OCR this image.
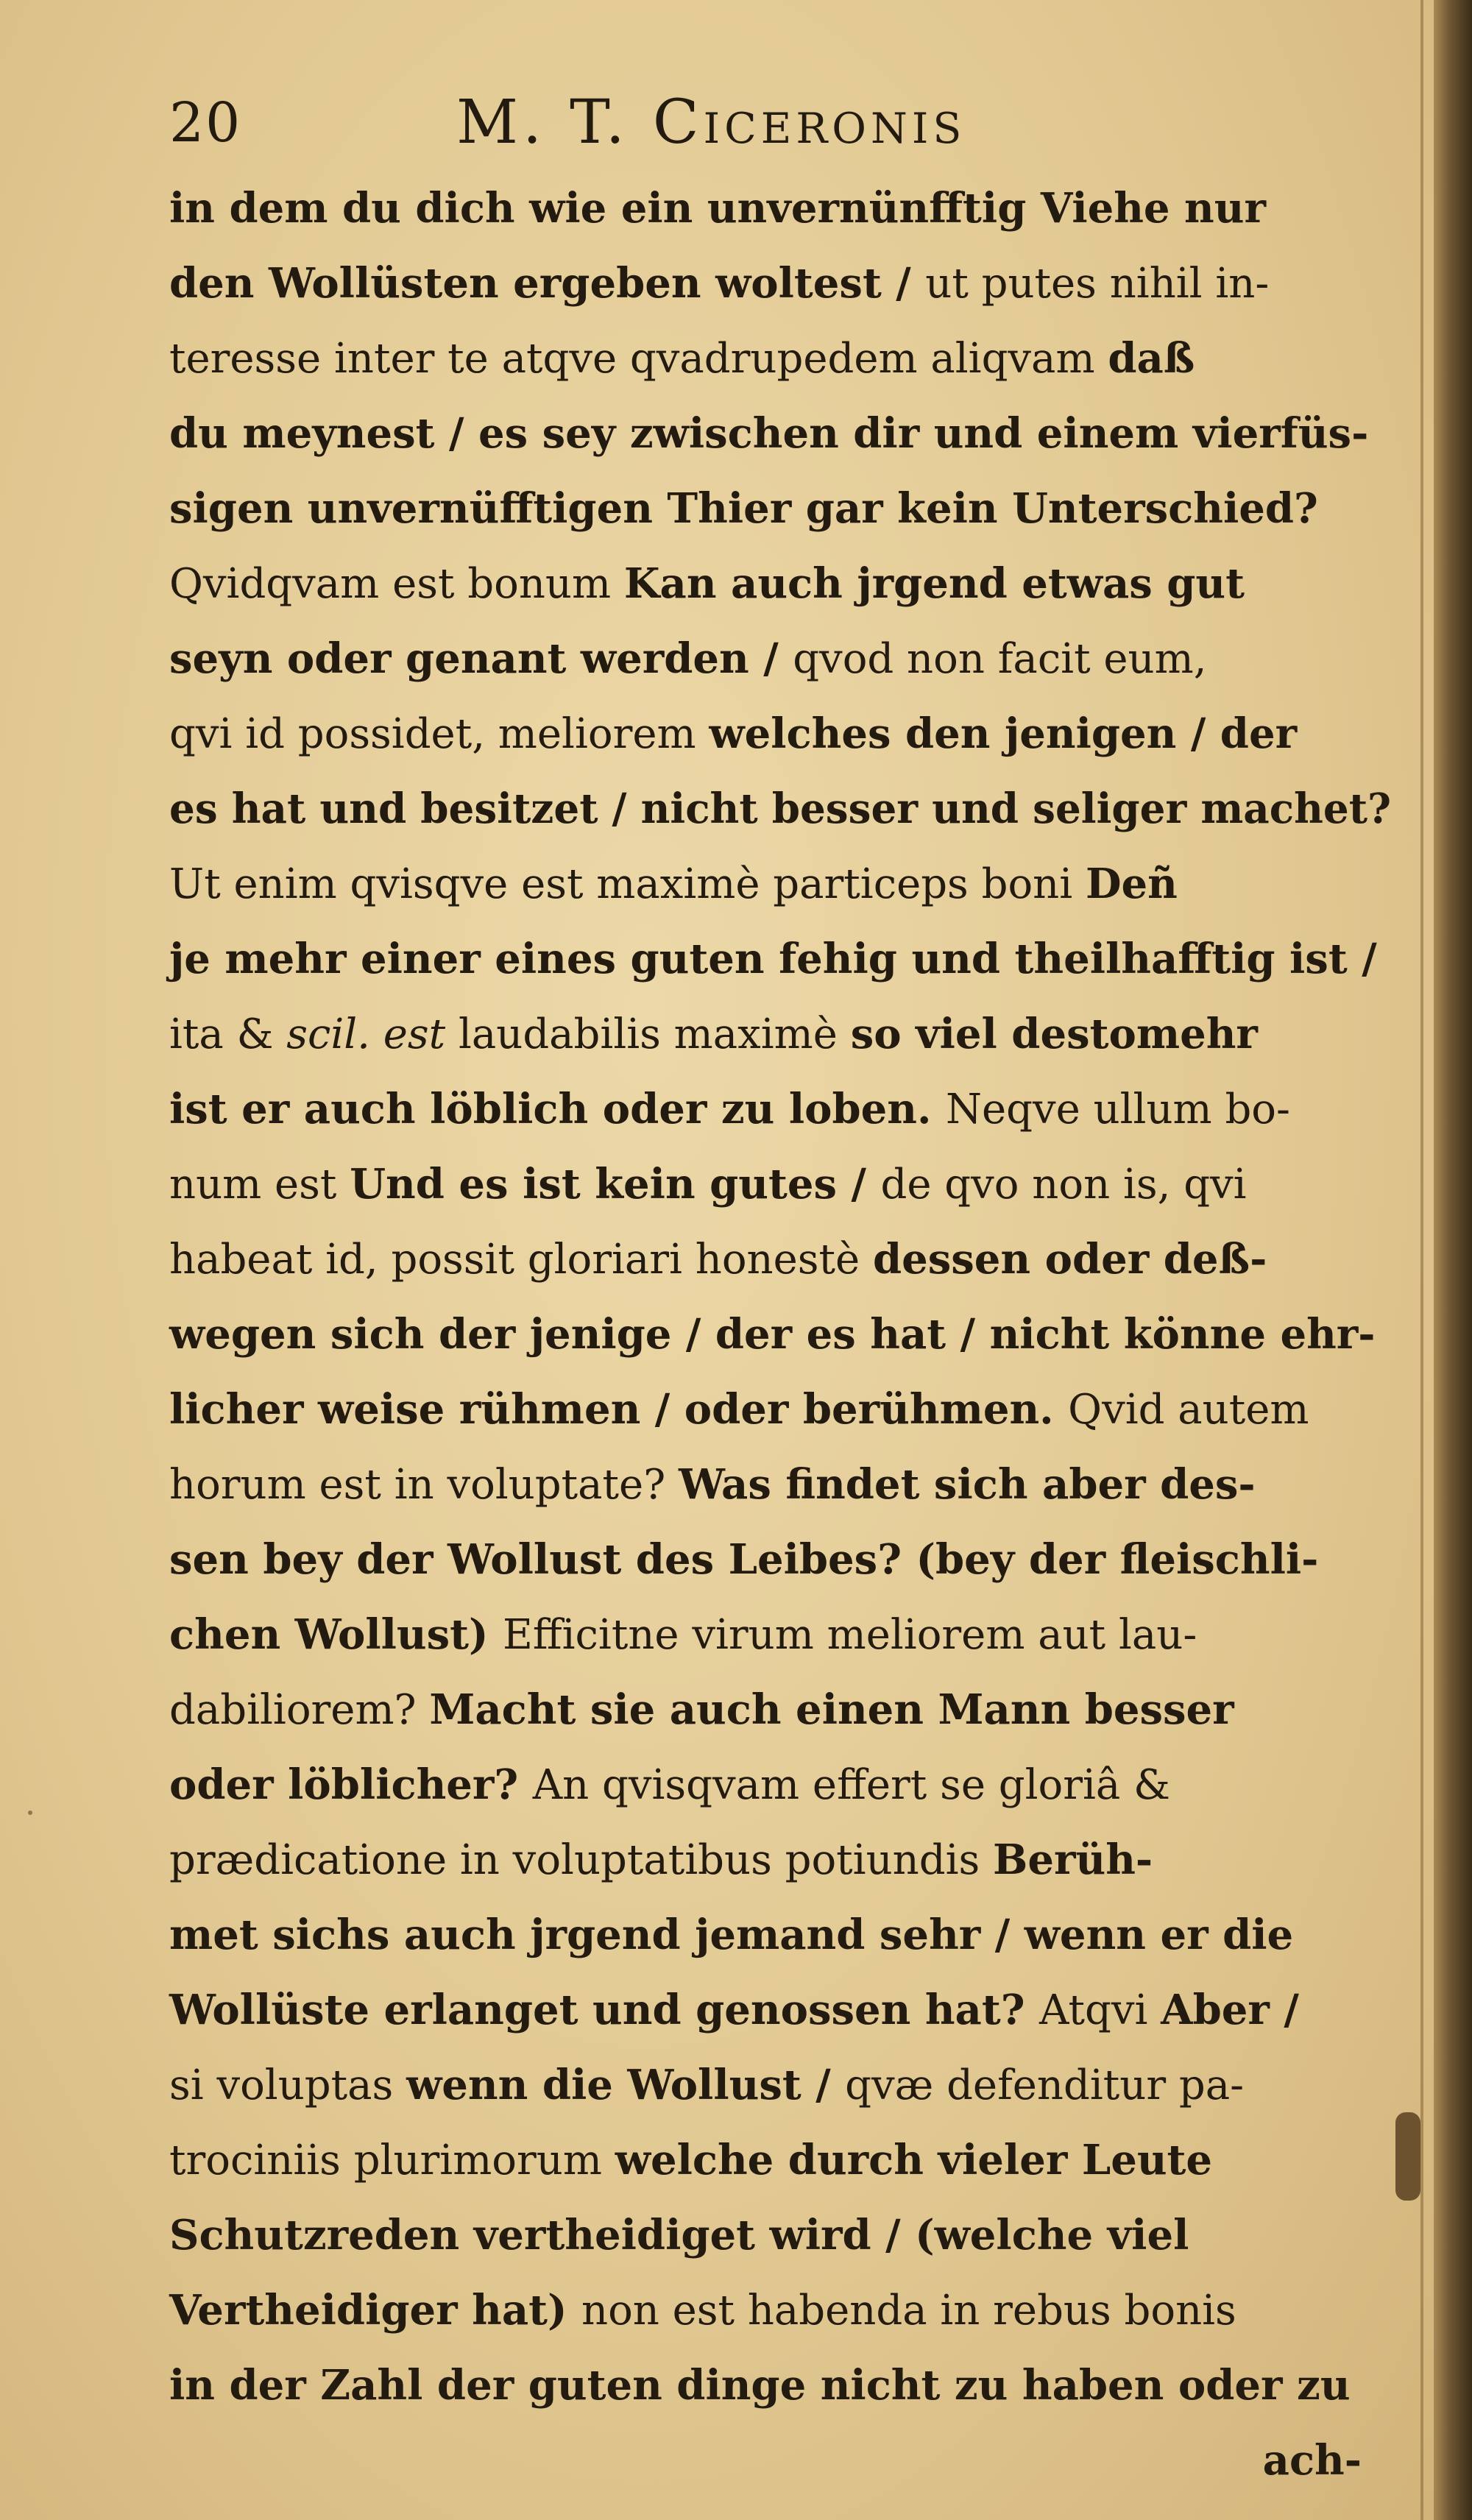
20	M. T. Ciceronis
in dem du dich wie ein unvernünfftig Viehe nur
den Wollüsten ergeben woltest / ut putes nihil in-
teresse inter te atqve qvadrupedem aliqvam daß
du meynest / es sey zwischen dir und einem vierfüs-
sigen unvernüfftigen Thier gar kein Unterschied?
Qvidqvam est bonum Kan auch jrgend etwas gut
seyn oder genant werden / qvod non facit eum,
qvi id possidet, meliorem welches den jenigen / der
es hat und besitzet / nicht besser und seliger machet?
Ut enim qvisqve est maximè particeps boni Deñ
je mehr einer eines guten fehig und theilhafftig ist /
ita & scil. est laudabilis maximè so viel destomehr
ist er auch löblich oder zu loben. Neqve ullum bo-
num est Und es ist kein gutes / de qvo non is, qvi
habeat id, possit gloriari honestè dessen oder deß-
wegen sich der jenige / der es hat / nicht könne ehr-
licher weise rühmen / oder berühmen. Qvid autem
horum est in voluptate? Was findet sich aber des-
sen bey der Wollust des Leibes? (bey der fleischli-
chen Wollust) Efficitne virum meliorem aut lau-
dabiliorem? Macht sie auch einen Mann besser
oder löblicher? An qvisqvam effert se gloriâ &
prædicatione in voluptatibus potiundis Berüh-
met sichs auch jrgend jemand sehr / wenn er die
Wollüste erlanget und genossen hat? Atqvi Aber /
si voluptas wenn die Wollust / qvæ defenditur pa-
trociniis plurimorum welche durch vieler Leute
Schutzreden vertheidiget wird / (welche viel
Vertheidiger hat) non est habenda in rebus bonis
in der Zahl der guten dinge nicht zu haben oder zu
ach-
